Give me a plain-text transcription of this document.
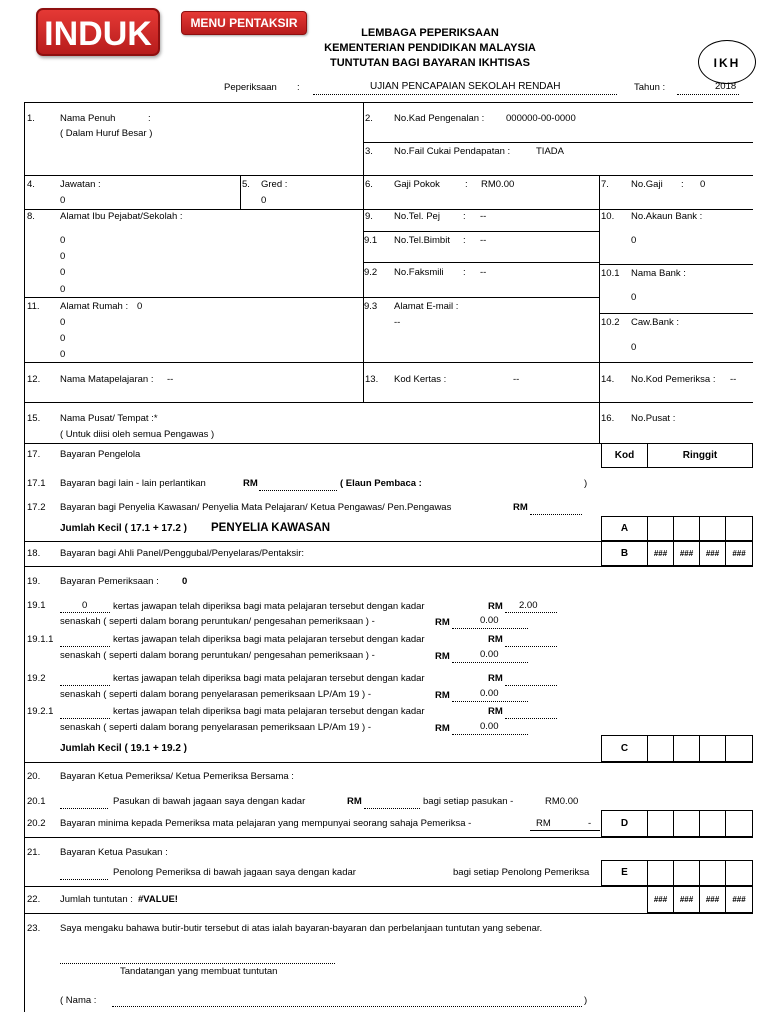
INDUK	MENU PENTAKSIR
LEMBAGA PEPERIKSAAN
KEMENTERIAN PENDIDIKAN MALAYSIA
TUNTUTAN BAGI BAYARAN IKHTISAS	IKH
Peperiksaan :	UJIAN PENCAPAIAN SEKOLAH RENDAH	Tahun :	2018
1.	Nama Penuh	:
( Dalam Huruf Besar )
2. No.Kad Pengenalan : 000000-00-0000
3. No.Fail Cukai Pendapatan :	TIADA
4.	Jawatan :
0
5. Gred :
0
6. Gaji Pokok	: RM0.00	7. No.Gaji : 0
8.	Alamat Ibu Pejabat/Sekolah :
0
0
0
0
9. No.Tel. Pej : --
9.1 No.Tel.Bimbit : --
9.2 No.Faksmili : --
9.3 Alamat E-mail :
--
10. No.Akaun Bank :
0
10.1 Nama Bank :
0
10.2 Caw.Bank :
0
11. Alamat Rumah : 0
0
0
0
12. Nama Matapelajaran : --	13. Kod Kertas :	--	14. No.Kod Pemeriksa : --
15. Nama Pusat/ Tempat :*
( Untuk diisi oleh semua Pengawas )
16. No.Pusat :
17. Bayaran Pengelola	Kod	Ringgit
17.1 Bayaran bagi lain - lain perlantikan	RM	( Elaun Pembaca :	)
17.2 Bayaran bagi Penyelia Kawasan/ Penyelia Mata Pelajaran/ Ketua Pengawas/ Pen.Pengawas	RM
Jumlah Kecil ( 17.1 + 17.2 ) PENYELIA KAWASAN	A
18. Bayaran bagi Ahli Panel/Penggubal/Penyelaras/Pentaksir:	B	###	###	###	###
19. Bayaran Pemeriksaan : 0
19.1	0	kertas jawapan telah diperiksa bagi mata pelajaran tersebut dengan kadar	RM 2.00
senaskah ( seperti dalam borang peruntukan/ pengesahan pemeriksaan ) -	RM	0.00
19.1.1	kertas jawapan telah diperiksa bagi mata pelajaran tersebut dengan kadar	RM
senaskah ( seperti dalam borang peruntukan/ pengesahan pemeriksaan ) -	RM	0.00
19.2	kertas jawapan telah diperiksa bagi mata pelajaran tersebut dengan kadar	RM
senaskah ( seperti dalam borang penyelarasan pemeriksaan LP/Am 19 ) -	RM	0.00
19.2.1	kertas jawapan telah diperiksa bagi mata pelajaran tersebut dengan kadar	RM
senaskah ( seperti dalam borang penyelarasan pemeriksaan LP/Am 19 ) -	RM	0.00
Jumlah Kecil ( 19.1 + 19.2 )	C
20. Bayaran Ketua Pemeriksa/ Ketua Pemeriksa Bersama :
20.1	Pasukan di bawah jagaan saya dengan kadar	RM	bagi setiap pasukan -	RM0.00
20.2 Bayaran minima kepada Pemeriksa mata pelajaran yang mempunyai seorang sahaja Pemeriksa -	RM	-	D
21. Bayaran Ketua Pasukan :
Penolong Pemeriksa di bawah jagaan saya dengan kadar	bagi setiap Penolong Pemeriksa	E
22. Jumlah tuntutan : #VALUE!	###	###	###	###
23. Saya mengaku bahawa butir-butir tersebut di atas ialah bayaran-bayaran dan perbelanjaan tuntutan yang sebenar.
Tandatangan yang membuat tuntutan
( Nama :	)
